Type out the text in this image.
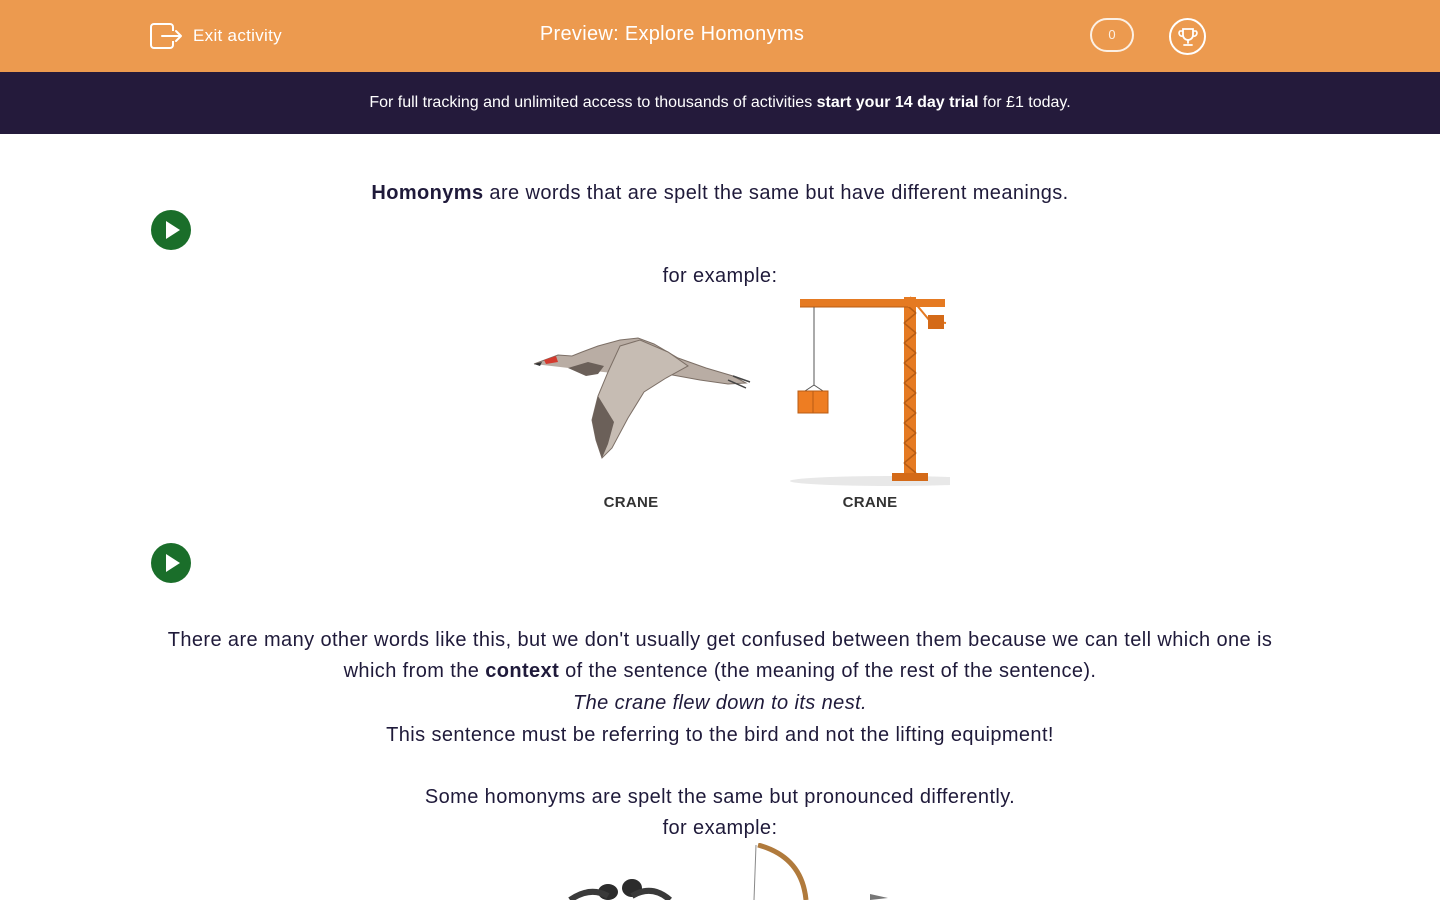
Exit activity	Preview: Explore Homonyms	0
For full tracking and unlimited access to thousands of activities start your 14 day trial for £1 today.

Homonyms are words that are spelt the same but have different meanings.

for example:

CRANE	CRANE

There are many other words like this, but we don't usually get confused between them because we can tell which one is which from the context of the sentence (the meaning of the rest of the sentence).

The crane flew down to its nest.

This sentence must be referring to the bird and not the lifting equipment!

Some homonyms are spelt the same but pronounced differently.

for example:
